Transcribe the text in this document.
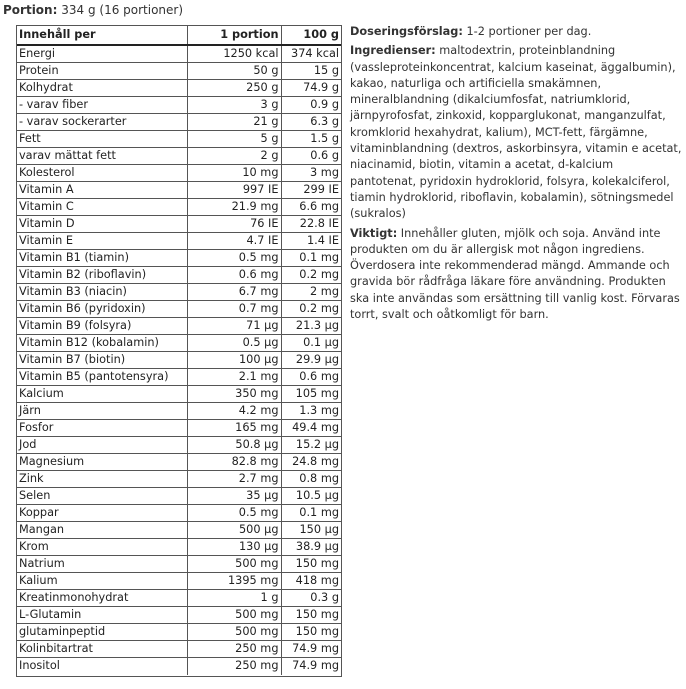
Portion: 334 g (16 portioner)
Innehåll per	1 portion	100 g
Energi	1250 kcal	374 kcal
Protein	50 g	15 g
Kolhydrat	250 g	74.9 g
- varav fiber	3 g	0.9 g
- varav sockerarter	21 g	6.3 g
Fett	5 g	1.5 g
varav mättat fett	2 g	0.6 g
Kolesterol	10 mg	3 mg
Vitamin A	997 IE	299 IE
Vitamin C	21.9 mg	6.6 mg
Vitamin D	76 IE	22.8 IE
Vitamin E	4.7 IE	1.4 IE
Vitamin B1 (tiamin)	0.5 mg	0.1 mg
Vitamin B2 (riboflavin)	0.6 mg	0.2 mg
Vitamin B3 (niacin)	6.7 mg	2 mg
Vitamin B6 (pyridoxin)	0.7 mg	0.2 mg
Vitamin B9 (folsyra)	71 µg	21.3 µg
Vitamin B12 (kobalamin)	0.5 µg	0.1 µg
Vitamin B7 (biotin)	100 µg	29.9 µg
Vitamin B5 (pantotensyra)	2.1 mg	0.6 mg
Kalcium	350 mg	105 mg
Järn	4.2 mg	1.3 mg
Fosfor	165 mg	49.4 mg
Jod	50.8 µg	15.2 µg
Magnesium	82.8 mg	24.8 mg
Zink	2.7 mg	0.8 mg
Selen	35 µg	10.5 µg
Koppar	0.5 mg	0.1 mg
Mangan	500 µg	150 µg
Krom	130 µg	38.9 µg
Natrium	500 mg	150 mg
Kalium	1395 mg	418 mg
Kreatinmonohydrat	1 g	0.3 g
L-Glutamin	500 mg	150 mg
glutaminpeptid	500 mg	150 mg
Kolinbitartrat	250 mg	74.9 mg
Inositol	250 mg	74.9 mg

Doseringsförslag: 1-2 portioner per dag.

Ingredienser: maltodextrin, proteinblandning (vassleproteinkoncentrat, kalcium kaseinat, äggalbumin), kakao, naturliga och artificiella smakämnen, mineralblandning (dikalciumfosfat, natriumklorid, järnpyrofosfat, zinkoxid, kopparglukonat, manganzulfat, kromklorid hexahydrat, kalium), MCT-fett, färgämne, vitaminblandning (dextros, askorbinsyra, vitamin e acetat, niacinamid, biotin, vitamin a acetat, d-kalcium pantotenat, pyridoxin hydroklorid, folsyra, kolekalciferol, tiamin hydroklorid, riboflavin, kobalamin), sötningsmedel (sukralos)

Viktigt: Innehåller gluten, mjölk och soja. Använd inte produkten om du är allergisk mot någon ingrediens. Överdosera inte rekommenderad mängd. Ammande och gravida bör rådfråga läkare före användning. Produkten ska inte användas som ersättning till vanlig kost. Förvaras torrt, svalt och oåtkomligt för barn.
